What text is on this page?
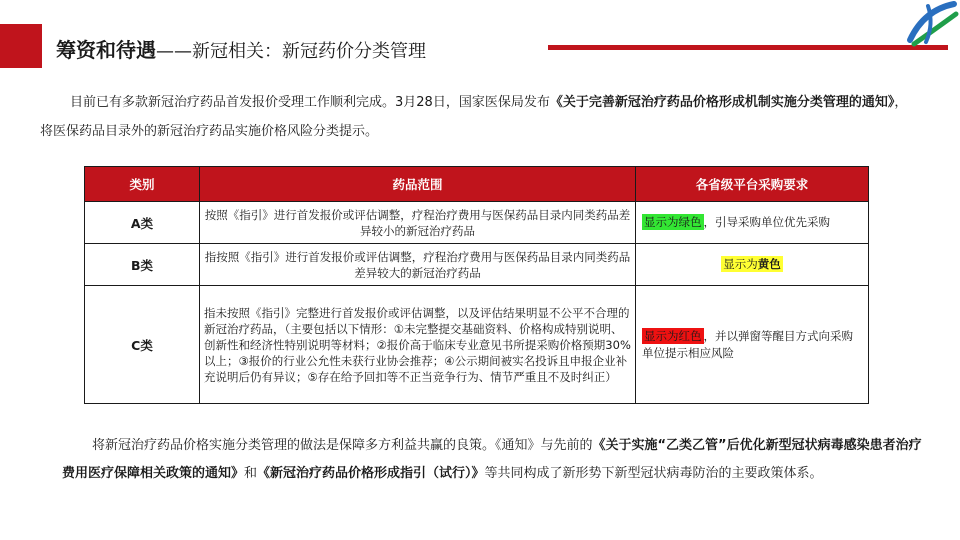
筹资和待遇——新冠相关：新冠药价分类管理
目前已有多款新冠治疗药品首发报价受理工作顺利完成。3月28日，国家医保局发布《关于完善新冠治疗药品价格形成机制实施分类管理的通知》，将医保药品目录外的新冠治疗药品实施价格风险分类提示。
类别	药品范围	各省级平台采购要求
A类	按照《指引》进行首发报价或评估调整，疗程治疗费用与医保药品目录内同类药品差异较小的新冠治疗药品	显示为绿色 ，引导采购单位优先采购
B类	指按照《指引》进行首发报价或评估调整，疗程治疗费用与医保药品目录内同类药品差异较大的新冠治疗药品	显示为黄色
C类	指未按照《指引》完整进行首发报价或评估调整，以及评估结果明显不公平不合理的新冠治疗药品，（主要包括以下情形：①未完整提交基础资料、价格构成特别说明、创新性和经济性特别说明等材料；②报价高于临床专业意见书所提采购价格预期30%以上；③报价的行业公允性未获行业协会推荐；④公示期间被实名投诉且申报企业补充说明后仍有异议；⑤存在给予回扣等不正当竞争行为、情节严重且不及时纠正）	显示为红色 ，并以弹窗等醒目方式向采购单位提示相应风险
将新冠治疗药品价格实施分类管理的做法是保障多方利益共赢的良策。《通知》与先前的《关于实施“乙类乙管”后优化新型冠状病毒感染患者治疗费用医疗保障相关政策的通知》和《新冠治疗药品价格形成指引（试行）》等共同构成了新形势下新型冠状病毒防治的主要政策体系。
